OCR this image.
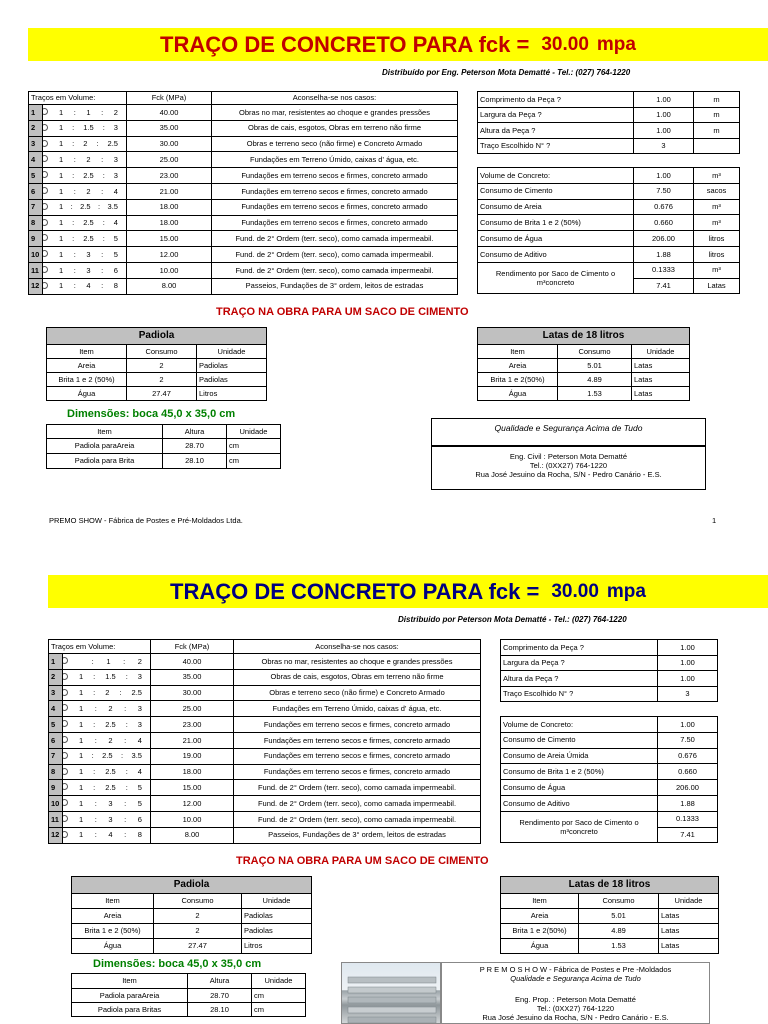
TRAÇO DE CONCRETO PARA fck = 30.00 mpa
Distribuído por Eng. Peterson Mota Dematté - Tel.: (027) 764-1220
Traços em Volume:		Fck (MPa)	Aconselha-se nos casos:
1	1 : 1 : 2	40.00	Obras no mar, resistentes ao choque e grandes pressões
2	1 : 1.5 : 3	35.00	Obras de cais, esgotos, Obras em terreno não firme
3	1 : 2 : 2.5	30.00	Obras e terreno seco (não firme) e Concreto Armado
4	1 : 2 : 3	25.00	Fundações em Terreno Úmido, caixas d' água, etc.
5	1 : 2.5 : 3	23.00	Fundações em terreno secos e firmes, concreto armado
6	1 : 2 : 4	21.00	Fundações em terreno secos e firmes, concreto armado
7	1 : 2.5 : 3.5	18.00	Fundações em terreno secos e firmes, concreto armado
8	1 : 2.5 : 4	18.00	Fundações em terreno secos e firmes, concreto armado
9	1 : 2.5 : 5	15.00	Fund. de 2° Ordem (terr. seco), como camada impermeabil.
10	1 : 3 : 5	12.00	Fund. de 2° Ordem (terr. seco), como camada impermeabil.
11	1 : 3 : 6	10.00	Fund. de 2° Ordem (terr. seco), como camada impermeabil.
12	1 : 4 : 8	8.00	Passeios, Fundações de 3° ordem, leitos de estradas
Comprimento da Peça ?	1.00	m
Largura da Peça ?	1.00	m
Altura da Peça ?	1.00	m
Traço Escolhido N° ?	3	
Volume de Concreto:	1.00	m³
Consumo de Cimento	7.50	sacos
Consumo de Areia	0.676	m³
Consumo de Brita 1 e 2 (50%)	0.660	m³
Consumo de Água	206.00	litros
Consumo de Aditivo	1.88	litros
Rendimento por Saco de Cimento o m³concreto	0.1333	m³
	7.41	Latas
TRAÇO NA OBRA PARA UM SACO DE CIMENTO
Padiola		
Item	Consumo	Unidade
Areia	2	Padiolas
Brita 1 e 2 (50%)	2	Padiolas
Água	27.47	Litros
Dimensões: boca 45,0 x 35,0 cm
Item	Altura	Unidade
Padiola paraAreia	28.70	cm
Padiola para Brita	28.10	cm
Latas de 18 litros		
Item	Consumo	Unidade
Areia	5.01	Latas
Brita 1 e 2(50%)	4.89	Latas
Água	1.53	Latas
Qualidade e Segurança Acima de Tudo
Eng. Civil : Peterson Mota Dematté
Tel.: (0XX27) 764-1220
Rua José Jesuino da Rocha, S/N - Pedro Canário - E.S.
PREMO SHOW - Fábrica de Postes e Pré-Moldados Ltda.	1
TRAÇO DE CONCRETO PARA fck = 30.00 mpa
Distribuido por Peterson Mota Dematté - Tel.: (027) 764-1220
Traços em Volume:		Fck (MPa)	Aconselha-se nos casos:
1	: 1 : 2	40.00	Obras no mar, resistentes ao choque e grandes pressões
2	1 : 1.5 : 3	35.00	Obras de cais, esgotos, Obras em terreno não firme
3	1 : 2 : 2.5	30.00	Obras e terreno seco (não firme) e Concreto Armado
4	1 : 2 : 3	25.00	Fundações em Terreno Úmido, caixas d' água, etc.
5	1 : 2.5 : 3	23.00	Fundações em terreno secos e firmes, concreto armado
6	1 : 2 : 4	21.00	Fundações em terreno secos e firmes, concreto armado
7	1 : 2.5 : 3.5	19.00	Fundações em terreno secos e firmes, concreto armado
8	1 : 2.5 : 4	18.00	Fundações em terreno secos e firmes, concreto armado
9	1 : 2.5 : 5	15.00	Fund. de 2° Ordem (terr. seco), como camada impermeabil.
10	1 : 3 : 5	12.00	Fund. de 2° Ordem (terr. seco), como camada impermeabil.
11	1 : 3 : 6	10.00	Fund. de 2° Ordem (terr. seco), como camada impermeabil.
12	1 : 4 : 8	8.00	Passeios, Fundações de 3° ordem, leitos de estradas
Comprimento da Peça ?	1.00
Largura da Peça ?	1.00
Altura da Peça ?	1.00
Traço Escolhido N° ?	3
Volume de Concreto:	1.00
Consumo de Cimento	7.50
Consumo de Areia Úmida	0.676
Consumo de Brita 1 e 2 (50%)	0.660
Consumo de Água	206.00
Consumo de Aditivo	1.88
Rendimento por Saco de Cimento o m³concreto	0.1333
	7.41
TRAÇO NA OBRA PARA UM SACO DE CIMENTO
Padiola		
Item	Consumo	Unidade
Areia	2	Padiolas
Brita 1 e 2 (50%)	2	Padiolas
Água	27.47	Litros
Dimensões: boca 45,0 x 35,0 cm
Item	Altura	Unidade
Padiola paraAreia	28.70	cm
Padiola para Britas	28.10	cm
Latas de 18 litros		
Item	Consumo	Unidade
Areia	5.01	Latas
Brita 1 e 2(50%)	4.89	Latas
Água	1.53	Latas
P R E M O S H O W - Fábrica de Postes e Pre -Moldados
Qualidade e Segurança Acima de Tudo
Eng. Prop. : Peterson Mota Dematté
Tel.: (0XX27) 764-1220
Rua José Jesuino da Rocha, S/N - Pedro Canário - E.S.
